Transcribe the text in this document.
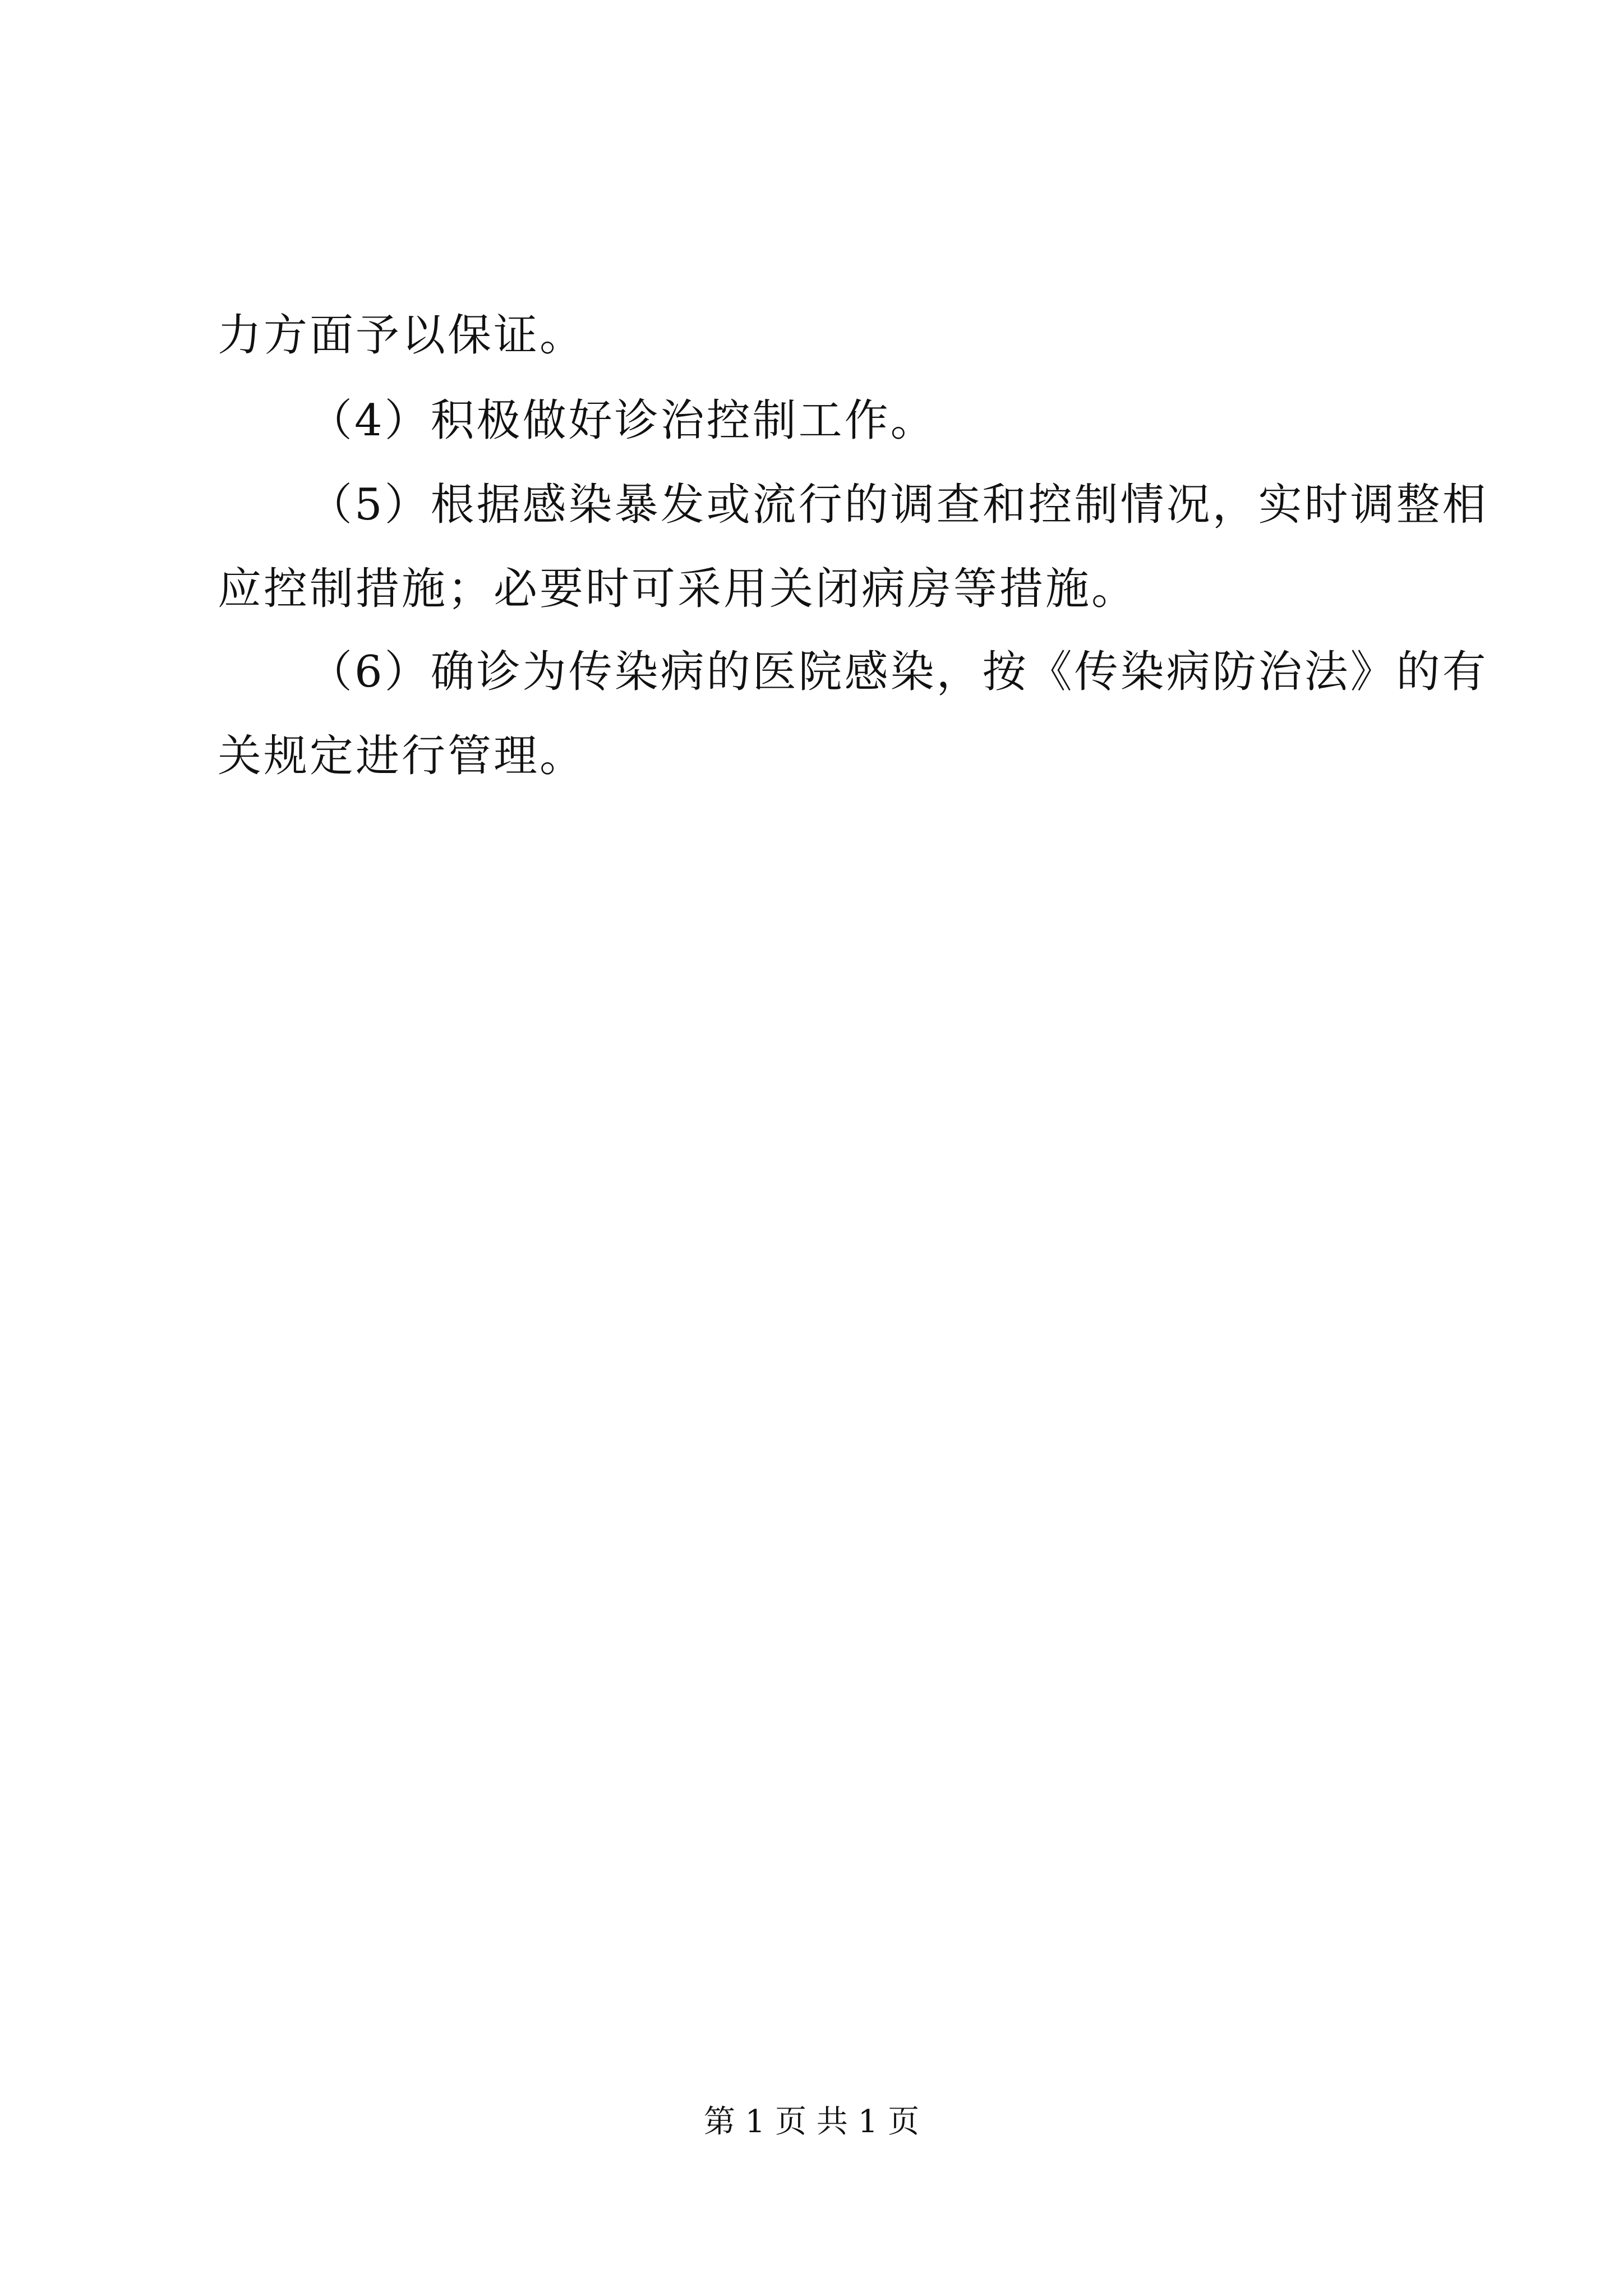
力方面予以保证。
（4）积极做好诊治控制工作。
（5）根据感染暴发或流行的调查和控制情况，实时调整相
应控制措施；必要时可采用关闭病房等措施。
（6）确诊为传染病的医院感染，按《传染病防治法》的有
关规定进行管理。
第 1 页 共 1 页
